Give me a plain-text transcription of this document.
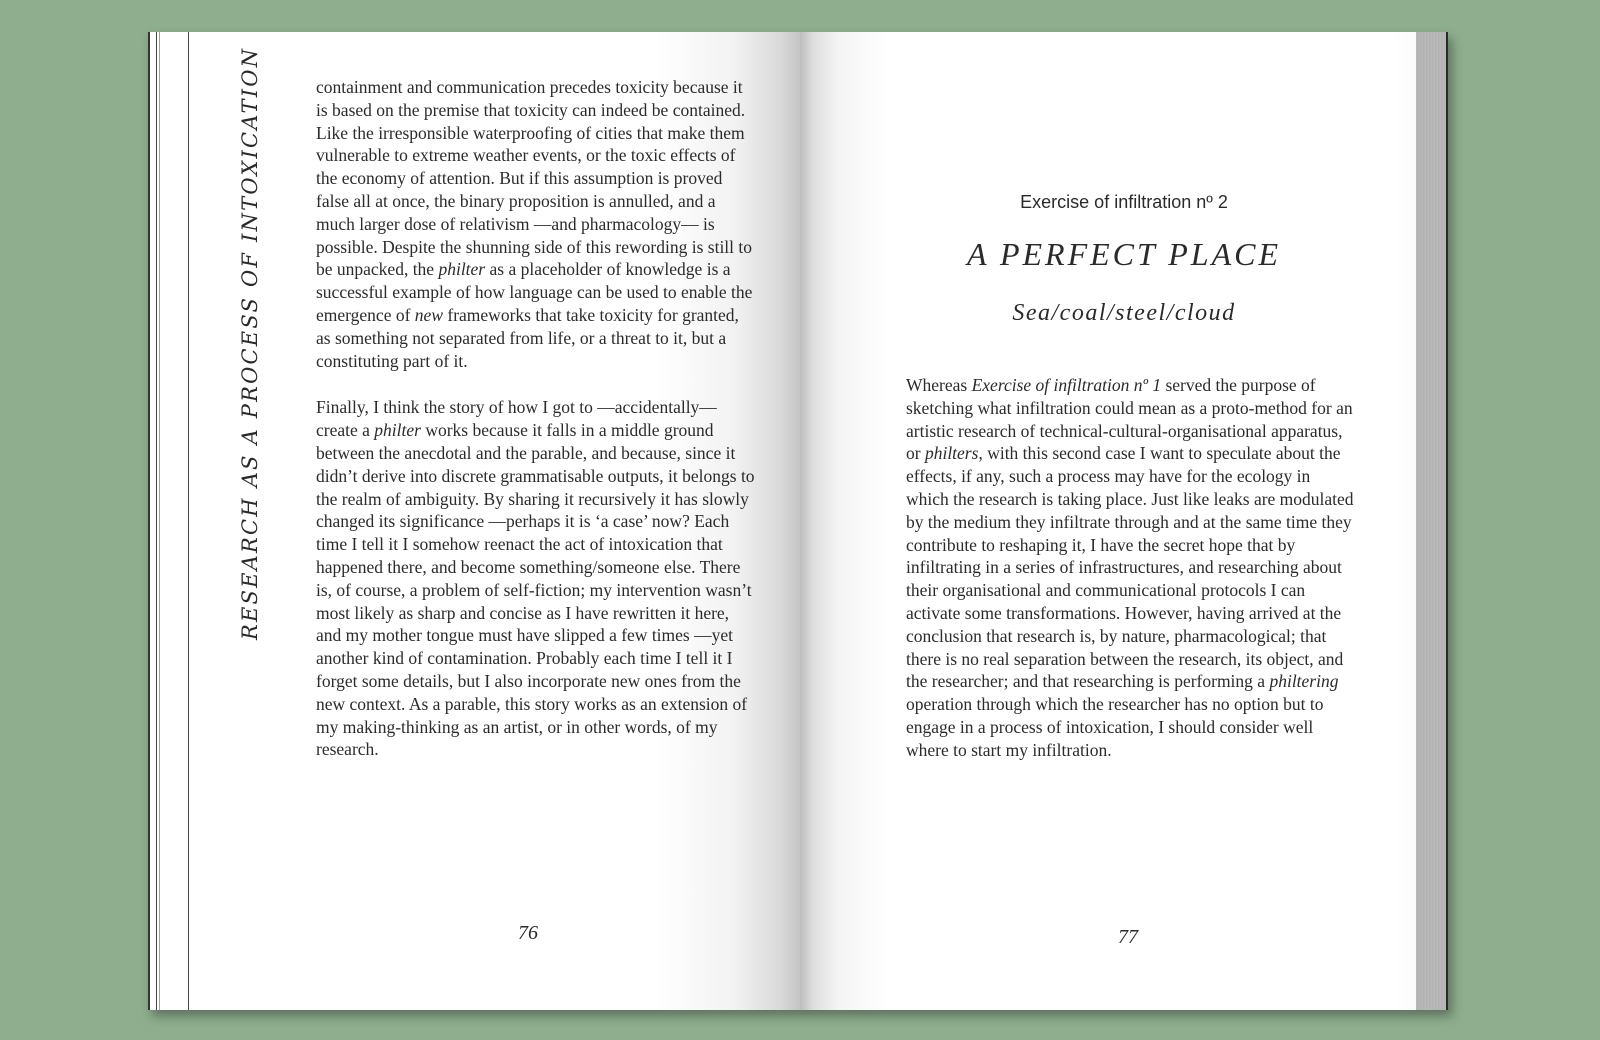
RESEARCH AS A PROCESS OF INTOXICATION	containment and communication precedes toxicity because it is based on the premise that toxicity can indeed be contained. Like the irresponsible waterproofing of cities that make them vulnerable to extreme weather events, or the toxic effects of the economy of attention. But if this assumption is proved false all at once, the binary proposition is annulled, and a much larger dose of relativism —and pharmacology— is possible. Despite the shunning side of this rewording is still to be unpacked, the philter as a placeholder of knowledge is a successful example of how language can be used to enable the emergence of new frameworks that take toxicity for granted, as something not separated from life, or a threat to it, but a constituting part of it.

Finally, I think the story of how I got to —accidentally— create a philter works because it falls in a middle ground between the anecdotal and the parable, and because, since it didn’t derive into discrete grammatisable outputs, it belongs to the realm of ambiguity. By sharing it recursively it has slowly changed its significance —perhaps it is ‘a case’ now? Each time I tell it I somehow reenact the act of intoxication that happened there, and become something/someone else. There is, of course, a problem of self-fiction; my intervention wasn’t most likely as sharp and concise as I have rewritten it here, and my mother tongue must have slipped a few times —yet another kind of contamination. Probably each time I tell it I forget some details, but I also incorporate new ones from the new context. As a parable, this story works as an extension of my making-thinking as an artist, or in other words, of my research.

76
Exercise of infiltration nº 2
A PERFECT PLACE
Sea/coal/steel/cloud

Whereas Exercise of infiltration nº 1 served the purpose of sketching what infiltration could mean as a proto-method for an artistic research of technical-cultural-organisational apparatus, or philters, with this second case I want to speculate about the effects, if any, such a process may have for the ecology in which the research is taking place. Just like leaks are modulated by the medium they infiltrate through and at the same time they contribute to reshaping it, I have the secret hope that by infiltrating in a series of infrastructures, and researching about their organisational and communicational protocols I can activate some transformations. However, having arrived at the conclusion that research is, by nature, pharmacological; that there is no real separation between the research, its object, and the researcher; and that researching is performing a philtering operation through which the researcher has no option but to engage in a process of intoxication, I should consider well where to start my infiltration.

77
